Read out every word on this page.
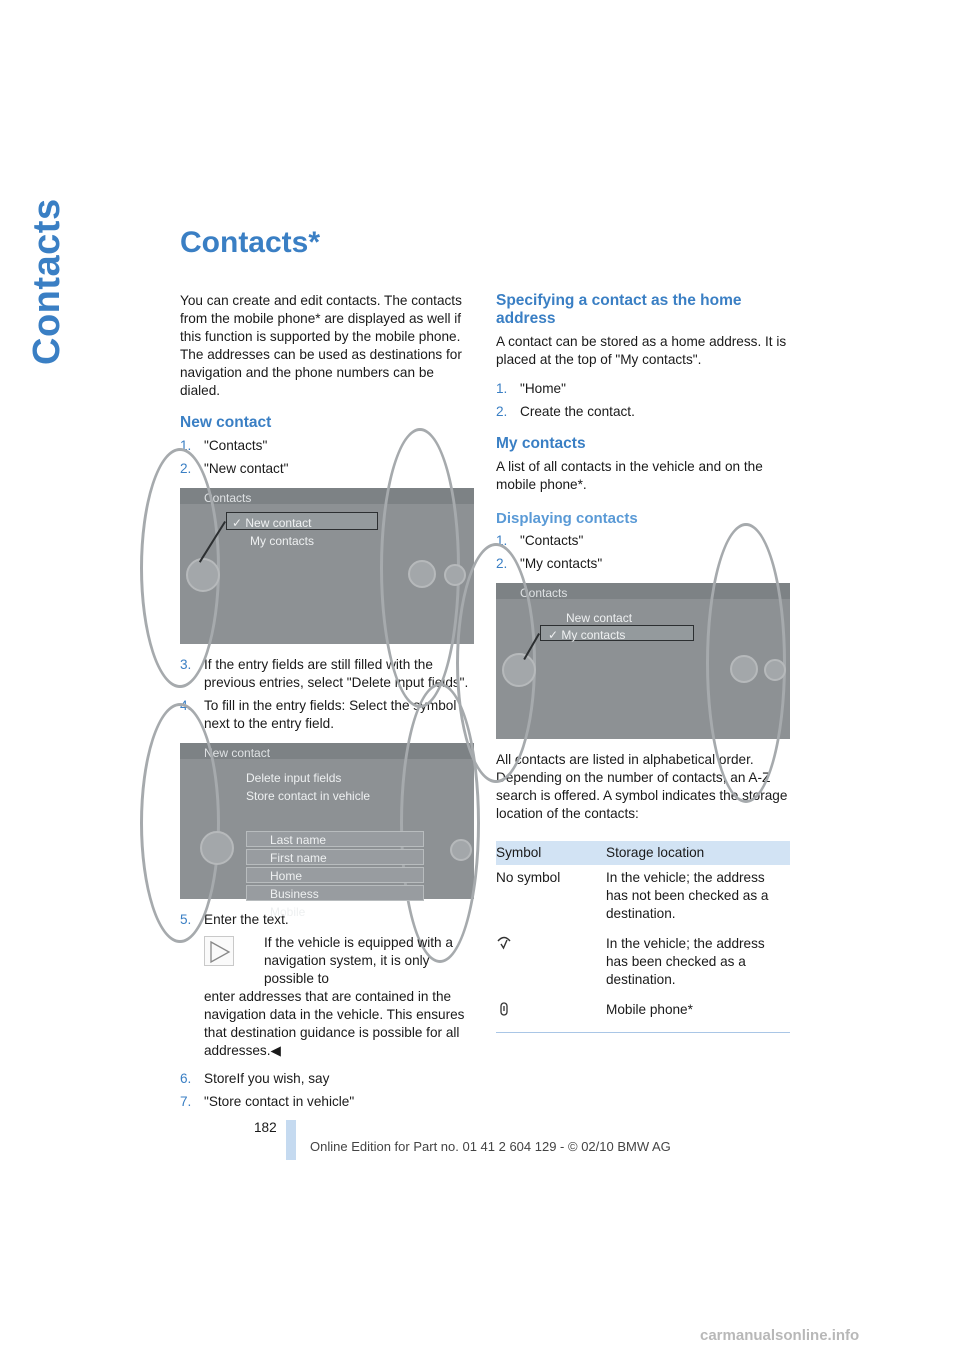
Contacts	Contacts*

You can create and edit contacts. The contacts from the mobile phone* are displayed as well if this function is supported by the mobile phone. The addresses can be used as destinations for navigation and the phone numbers can be dialed.

New contact
1. "Contacts"
2. "New contact"
Contacts
✓ New contact
My contacts
3. If the entry fields are still filled with the previous entries, select "Delete input fields".
4. To fill in the entry fields: Select the symbol next to the entry field.
New contact
Delete input fields
Store contact in vehicle
Last name
First name
Home
Business
Mobile
5. Enter the text.
If the vehicle is equipped with a navigation system, it is only possible to
enter addresses that are contained in the navigation data in the vehicle. This ensures that destination guidance is possible for all addresses.◀
6. StoreIf you wish, say
7. "Store contact in vehicle"
Specifying a contact as the home address

A contact can be stored as a home address. It is placed at the top of "My contacts".

1. "Home"
2. Create the contact.
My contacts

A list of all contacts in the vehicle and on the mobile phone*.

Displaying contacts
1. "Contacts"
2. "My contacts"
Contacts
New contact
✓ My contacts

All contacts are listed in alphabetical order. Depending on the number of contacts, an A-Z search is offered. A symbol indicates the storage location of the contacts:

Symbol	Storage location
No symbol	In the vehicle; the address has not been checked as a destination.
	In the vehicle; the address has been checked as a destination.
	Mobile phone*
182
Online Edition for Part no. 01 41 2 604 129 - © 02/10 BMW AG
carmanualsonline.info
